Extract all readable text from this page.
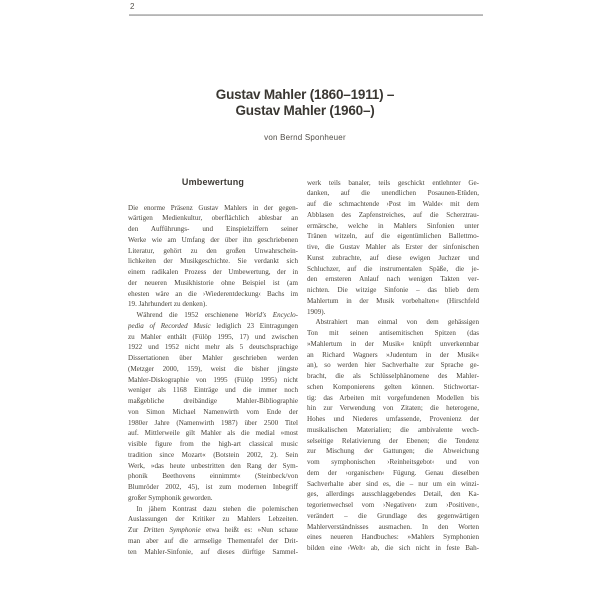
2
Gustav Mahler (1860–1911) –
Gustav Mahler (1960–)
von Bernd Sponheuer
Umbewertung
Die enorme Präsenz Gustav Mahlers in der gegen-
wärtigen Medienkultur, oberflächlich ablesbar an
den Aufführungs- und Einspielziffern seiner
Werke wie am Umfang der über ihn geschriebenen
Literatur, gehört zu den großen Unwahrschein-
lichkeiten der Musikgeschichte. Sie verdankt sich
einem radikalen Prozess der Umbewertung, der in
der neueren Musikhistorie ohne Beispiel ist (am
ehesten wäre an die ›Wiederentdeckung‹ Bachs im
19. Jahrhundert zu denken).
Während die 1952 erschienene World's Encyclo-
pedia of Recorded Music lediglich 23 Eintragungen
zu Mahler enthält (Fülöp 1995, 17) und zwischen
1922 und 1952 nicht mehr als 5 deutschsprachige
Dissertationen über Mahler geschrieben werden
(Metzger 2000, 159), weist die bisher jüngste
Mahler-Diskographie von 1995 (Fülöp 1995) nicht
weniger als 1168 Einträge und die immer noch
maßgebliche dreibändige Mahler-Bibliographie
von Simon Michael Namenwirth vom Ende der
1980er Jahre (Namenwirth 1987) über 2500 Titel
auf. Mittlerweile gilt Mahler als die medial »most
visible figure from the high-art classical music
tradition since Mozart« (Botstein 2002, 2). Sein
Werk, »das heute unbestritten den Rang der Sym-
phonik Beethovens einnimmt« (Steinbeck/von
Blumröder 2002, 45), ist zum modernen Inbegriff
großer Symphonik geworden.
In jähem Kontrast dazu stehen die polemischen
Auslassungen der Kritiker zu Mahlers Lebzeiten.
Zur Dritten Symphonie etwa heißt es: »Nun schaue
man aber auf die armselige Thementafel der Drit-
ten Mahler-Sinfonie, auf dieses dürftige Sammel-
werk teils banaler, teils geschickt entlehnter Ge-
danken, auf die unendlichen Posaunen-Etüden,
auf die schmachtende ›Post im Walde‹ mit dem
Abblasen des Zapfenstreiches, auf die Scherztrau-
ermärsche, welche in Mahlers Sinfonien unter
Tränen witzeln, auf die eigentümlichen Ballettmo-
tive, die Gustav Mahler als Erster der sinfonischen
Kunst zubrachte, auf diese ewigen Juchzer und
Schluchzer, auf die instrumentalen Späße, die je-
den ernsteren Anlauf nach wenigen Takten ver-
nichten. Die witzige Sinfonie – das blieb dem
Mahlertum in der Musik vorbehalten« (Hirschfeld
1909).
Abstrahiert man einmal von dem gehässigen
Ton mit seinen antisemitischen Spitzen (das
»Mahlertum in der Musik« knüpft unverkennbar
an Richard Wagners »Judentum in der Musik«
an), so werden hier Sachverhalte zur Sprache ge-
bracht, die als Schlüsselphänomene des Mahler-
schen Komponierens gelten können. Stichwortar-
tig: das Arbeiten mit vorgefundenen Modellen bis
hin zur Verwendung von Zitaten; die heterogene,
Hohes und Niederes umfassende, Provenienz der
musikalischen Materialien; die ambivalente wech-
selseitige Relativierung der Ebenen; die Tendenz
zur Mischung der Gattungen; die Abweichung
vom symphonischen ›Reinheitsgebot‹ und von
dem der ›organischen‹ Fügung. Genau dieselben
Sachverhalte aber sind es, die – nur um ein winzi-
ges, allerdings ausschlaggebendes Detail, den Ka-
tegorienwechsel vom ›Negativen‹ zum ›Positiven‹,
verändert – die Grundlage des gegenwärtigen
Mahlerverständnisses ausmachen. In den Worten
eines neueren Handbuches: »Mahlers Symphonien
bilden eine ›Welt‹ ab, die sich nicht in feste Bah-
